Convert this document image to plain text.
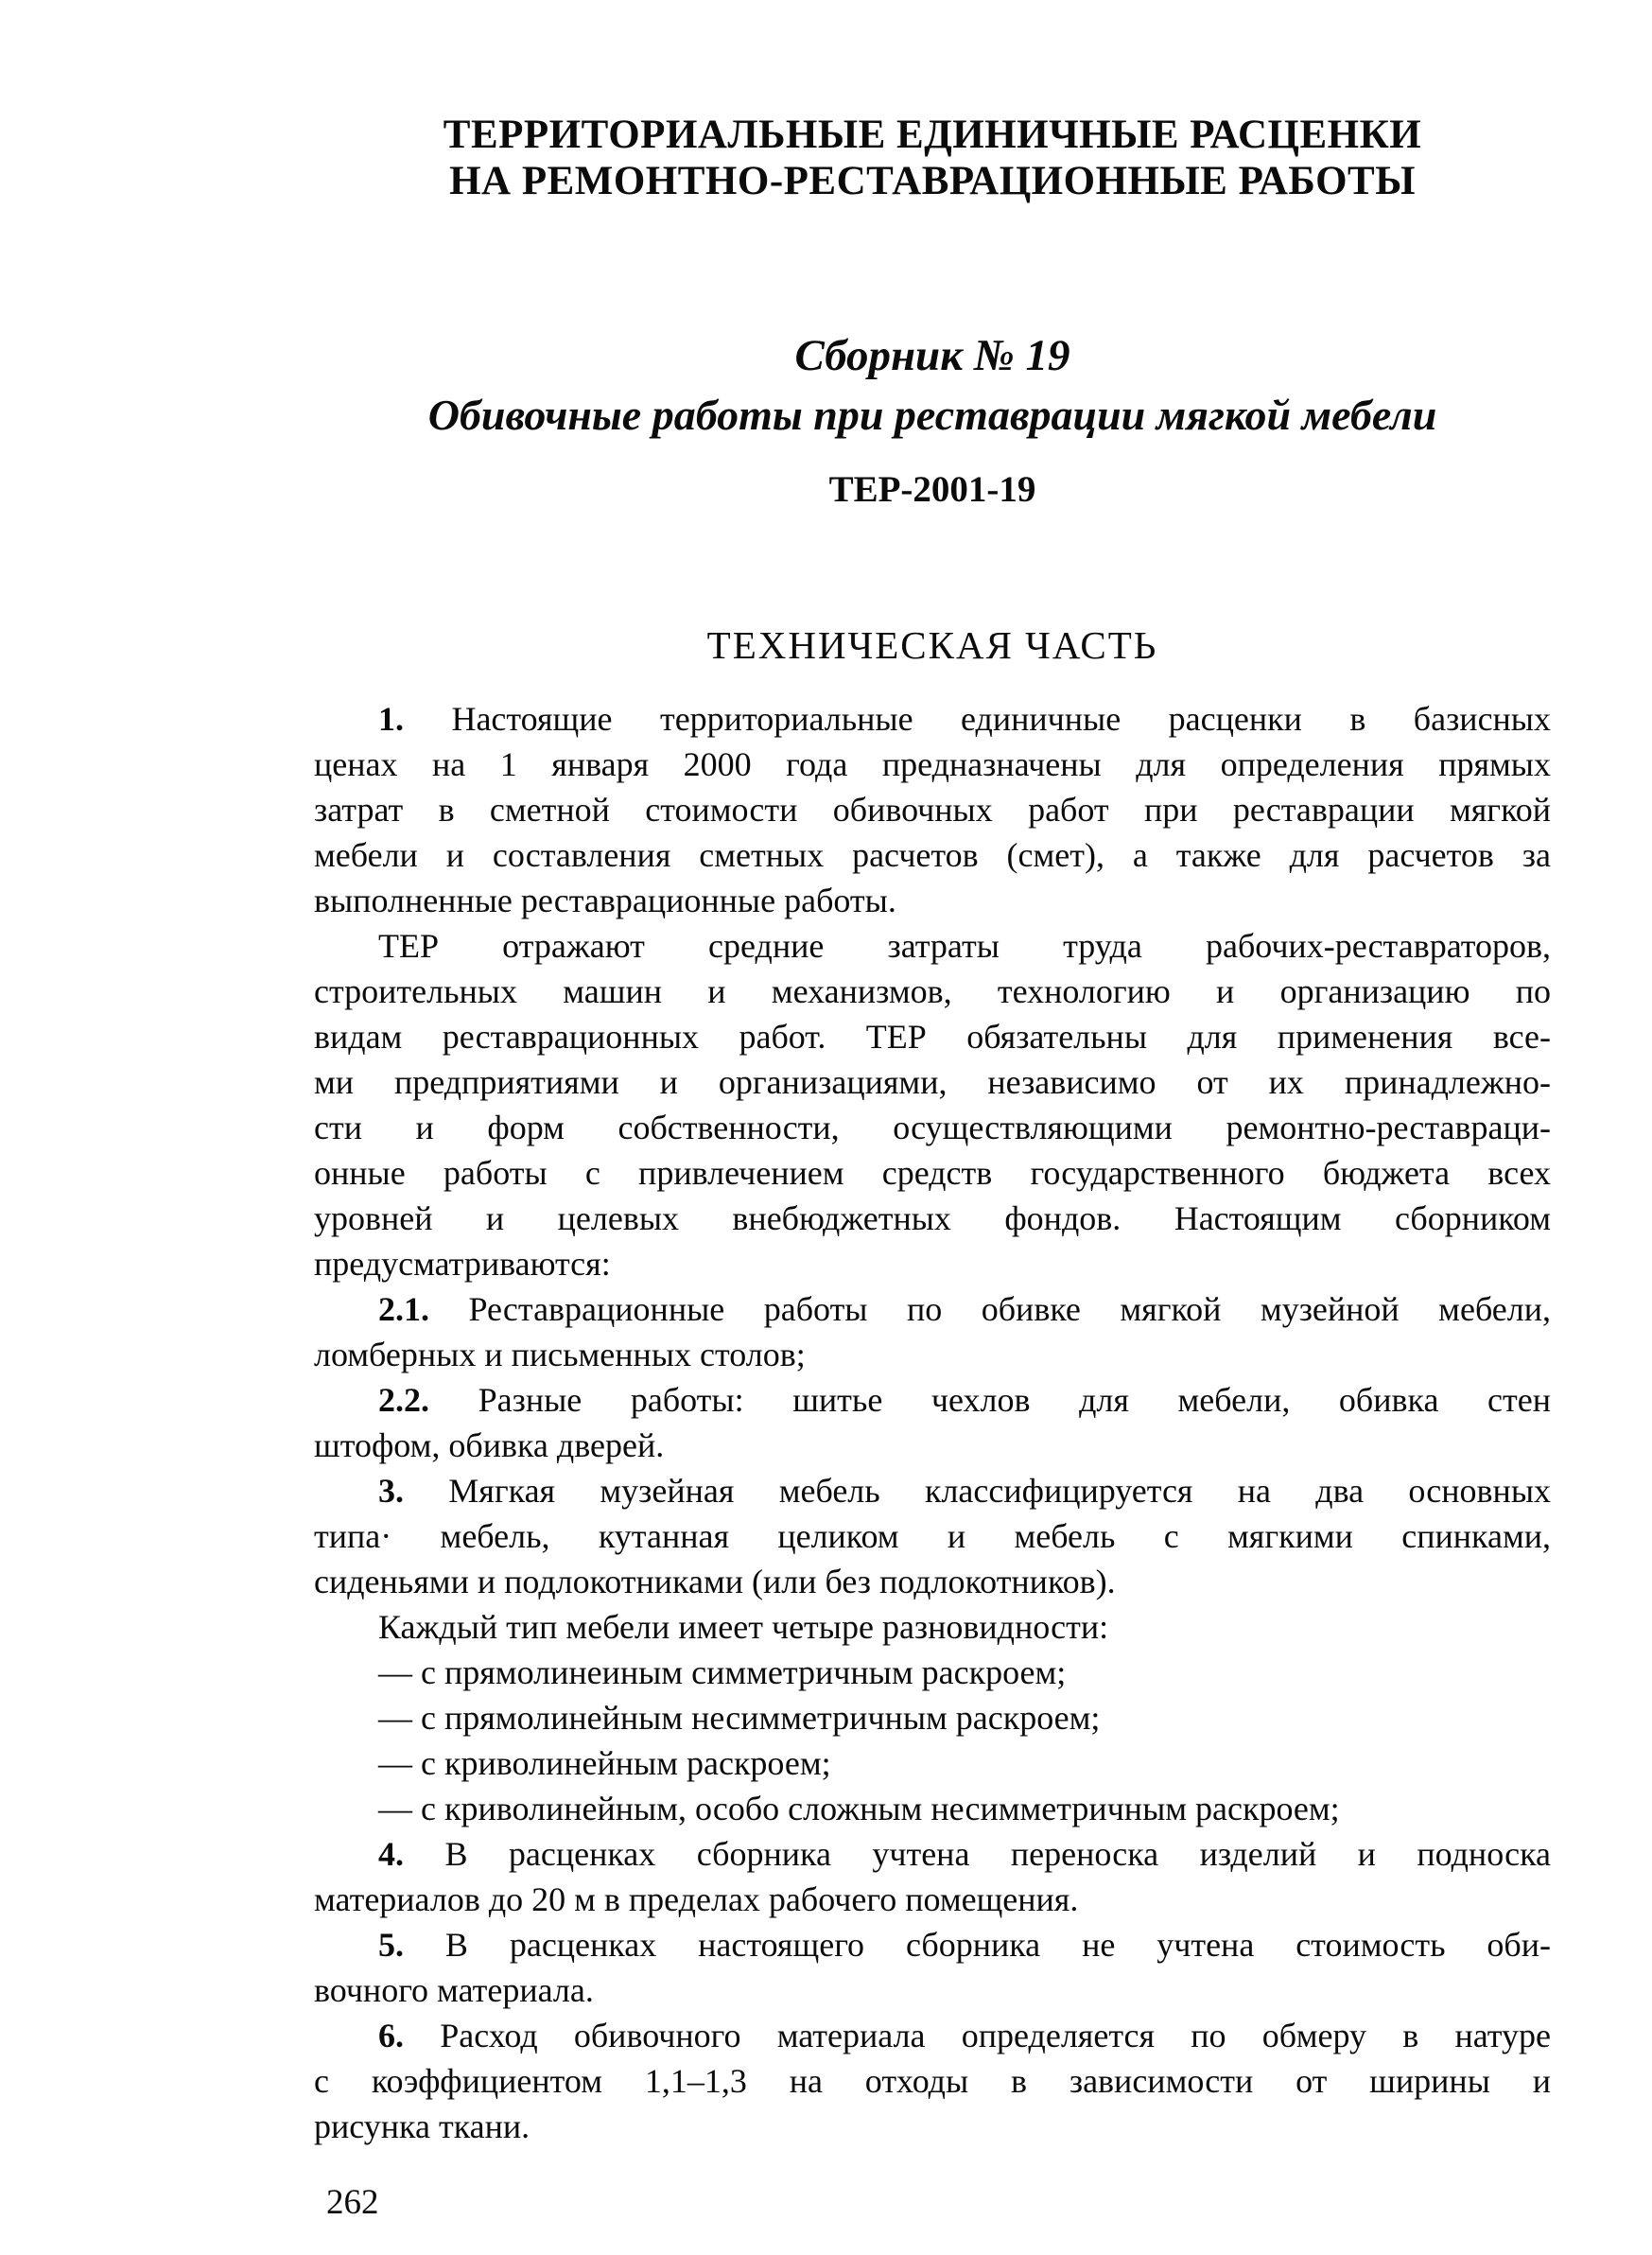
ТЕРРИТОРИАЛЬНЫЕ ЕДИНИЧНЫЕ РАСЦЕНКИ
НА РЕМОНТНО-РЕСТАВРАЦИОННЫЕ РАБОТЫ
Сборник № 19
Обивочные работы при реставрации мягкой мебели
ТЕР-2001-19
ТЕХНИЧЕСКАЯ ЧАСТЬ
1. Настоящие территориальные единичные расценки в базисных
ценах на 1 января 2000 года предназначены для определения прямых
затрат в сметной стоимости обивочных работ при реставрации мягкой
мебели и составления сметных расчетов (смет), а также для расчетов за
выполненные реставрационные работы.
ТЕР отражают средние затраты труда рабочих-реставраторов,
строительных машин и механизмов, технологию и организацию по
видам реставрационных работ. ТЕР обязательны для применения все-
ми предприятиями и организациями, независимо от их принадлежно-
сти и форм собственности, осуществляющими ремонтно-реставраци-
онные работы с привлечением средств государственного бюджета всех
уровней и целевых внебюджетных фондов. Настоящим сборником
предусматриваются:
2.1. Реставрационные работы по обивке мягкой музейной мебели,
ломберных и письменных столов;
2.2. Разные работы: шитье чехлов для мебели, обивка стен
штофом, обивка дверей.
3. Мягкая музейная мебель классифицируется на два основных
типа· мебель, кутанная целиком и мебель с мягкими спинками,
сиденьями и подлокотниками (или без подлокотников).
Каждый тип мебели имеет четыре разновидности:
— с прямолинеиным симметричным раскроем;
— с прямолинейным несимметричным раскроем;
— с криволинейным раскроем;
— с криволинейным, особо сложным несимметричным раскроем;
4. В расценках сборника учтена переноска изделий и подноска
материалов до 20 м в пределах рабочего помещения.
5. В расценках настоящего сборника не учтена стоимость оби-
вочного материала.
6. Расход обивочного материала определяется по обмеру в натуре
с коэффициентом 1,1–1,3 на отходы в зависимости от ширины и
рисунка ткани.
262
